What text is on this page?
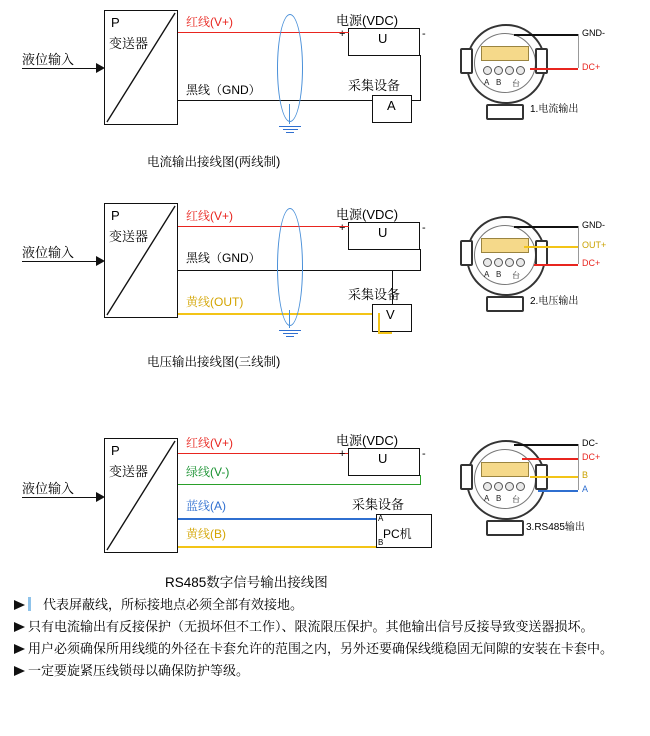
液位输入
P
变送器
红线(V+)
黑线（GND）
电源(VDC)
U
+	-
采集设备
A
电流输出接线图(两线制)
A B 台
GND-
DC+
1.电流输出
液位输入
P
变送器
红线(V+)
黑线（GND）
黄线(OUT)
电源(VDC)
U
+	-
采集设备
V
电压输出接线图(三线制)
A B 台
GND-
OUT+
DC+
2.电压输出
液位输入
P
变送器
红线(V+)
绿线(V-)
蓝线(A)
黄线(B)
电源(VDC)
U
+	-
采集设备
PC机
A
B
RS485数字信号输出接线图
A B 台
DC-
DC+
B
A
3.RS485输出
代表屏蔽线，所标接地点必须全部有效接地。
只有电流输出有反接保护（无损坏但不工作）、限流限压保护。其他输出信号反接导致变送器损坏。
用户必须确保所用线缆的外径在卡套允许的范围之内，另外还要确保线缆稳固无间隙的安装在卡套中。
一定要旋紧压线锁母以确保防护等级。
